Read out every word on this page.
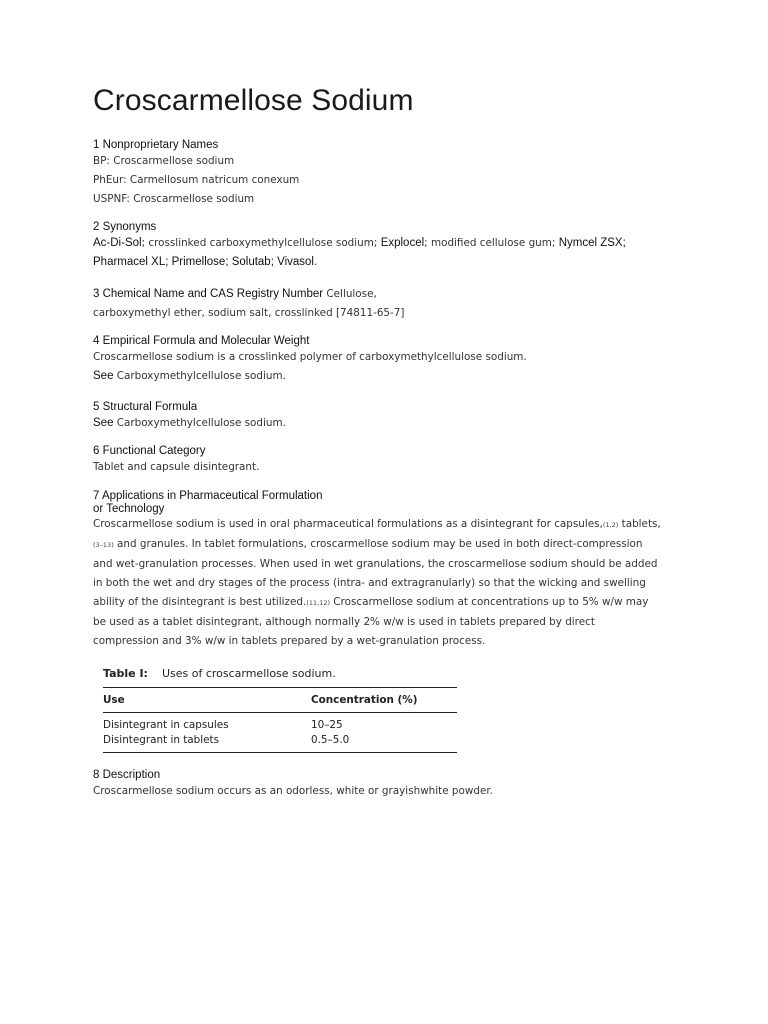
Croscarmellose Sodium
1 Nonproprietary Names
BP: Croscarmellose sodium
PhEur: Carmellosum natricum conexum
USPNF: Croscarmellose sodium
2 Synonyms
Ac-Di-Sol; crosslinked carboxymethylcellulose sodium; Explocel; modified cellulose gum; Nymcel ZSX; Pharmacel XL; Primellose; Solutab; Vivasol.
3 Chemical Name and CAS Registry Number Cellulose,
carboxymethyl ether, sodium salt, crosslinked [74811-65-7]
4 Empirical Formula and Molecular Weight
Croscarmellose sodium is a crosslinked polymer of carboxymethylcellulose sodium.
See Carboxymethylcellulose sodium.
5 Structural Formula
See Carboxymethylcellulose sodium.
6 Functional Category
Tablet and capsule disintegrant.
7 Applications in Pharmaceutical Formulation
or Technology
Croscarmellose sodium is used in oral pharmaceutical formulations as a disintegrant for capsules,(1,2) tablets,(3–13) and granules. In tablet formulations, croscarmellose sodium may be used in both direct-compression and wet-granulation processes. When used in wet granulations, the croscarmellose sodium should be added in both the wet and dry stages of the process (intra- and extragranularly) so that the wicking and swelling ability of the disintegrant is best utilized.(11,12) Croscarmellose sodium at concentrations up to 5% w/w may be used as a tablet disintegrant, although normally 2% w/w is used in tablets prepared by direct compression and 3% w/w in tablets prepared by a wet-granulation process.
Table I: Uses of croscarmellose sodium.
Use	Concentration (%)
Disintegrant in capsules	10–25
Disintegrant in tablets	0.5–5.0
8 Description
Croscarmellose sodium occurs as an odorless, white or grayishwhite powder.
